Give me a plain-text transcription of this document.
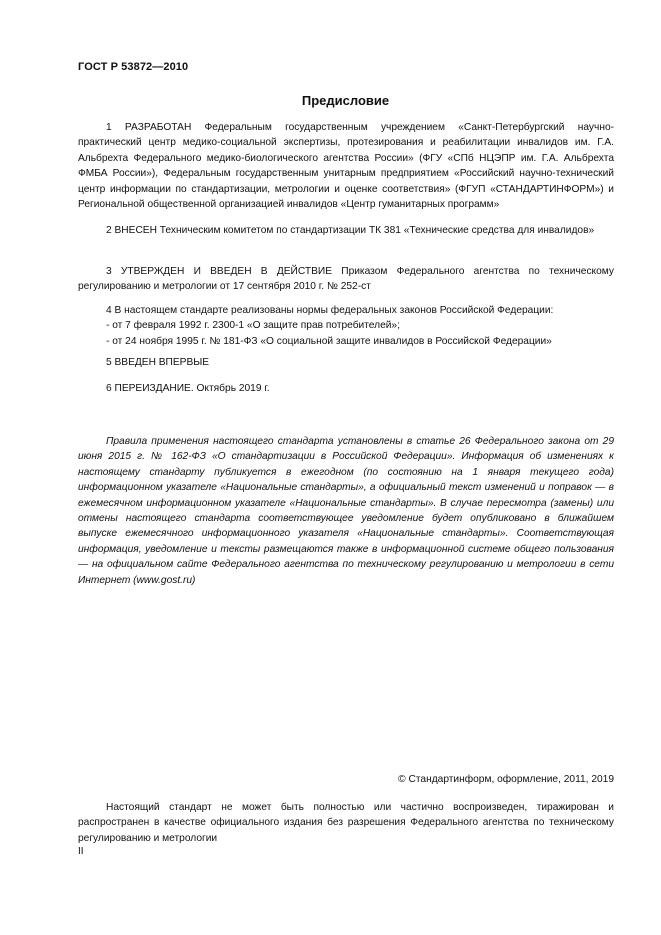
ГОСТ Р 53872—2010
Предисловие

1 РАЗРАБОТАН Федеральным государственным учреждением «Санкт-Петербургский научно-практический центр медико-социальной экспертизы, протезирования и реабилитации инвалидов им. Г.А. Альбрехта Федерального медико-биологического агентства России» (ФГУ «СПб НЦЭПР им. Г.А. Альбрехта ФМБА России»), Федеральным государственным унитарным предприятием «Российский научно-технический центр информации по стандартизации, метрологии и оценке соответствия» (ФГУП «СТАНДАРТИНФОРМ») и Региональной общественной организацией инвалидов «Центр гуманитарных программ»

2 ВНЕСЕН Техническим комитетом по стандартизации ТК 381 «Технические средства для инвалидов»

3 УТВЕРЖДЕН И ВВЕДЕН В ДЕЙСТВИЕ Приказом Федерального агентства по техническому регулированию и метрологии от 17 сентября 2010 г. № 252-ст

4 В настоящем стандарте реализованы нормы федеральных законов Российской Федерации:

- от 7 февраля 1992 г. 2300-1 «О защите прав потребителей»;

- от 24 ноября 1995 г. № 181-ФЗ «О социальной защите инвалидов в Российской Федерации»

5 ВВЕДЕН ВПЕРВЫЕ

6 ПЕРЕИЗДАНИЕ. Октябрь 2019 г.

Правила применения настоящего стандарта установлены в статье 26 Федерального закона от 29 июня 2015 г. № 162-ФЗ «О стандартизации в Российской Федерации». Информация об изменениях к настоящему стандарту публикуется в ежегодном (по состоянию на 1 января текущего года) информационном указателе «Национальные стандарты», а официальный текст изменений и поправок — в ежемесячном информационном указателе «Национальные стандарты». В случае пересмотра (замены) или отмены настоящего стандарта соответствующее уведомление будет опубликовано в ближайшем выпуске ежемесячного информационного указателя «Национальные стандарты». Соответствующая информация, уведомление и тексты размещаются также в информационной системе общего пользования — на официальном сайте Федерального агентства по техническому регулированию и метрологии в сети Интернет (www.gost.ru)

© Стандартинформ, оформление, 2011, 2019

Настоящий стандарт не может быть полностью или частично воспроизведен, тиражирован и распространен в качестве официального издания без разрешения Федерального агентства по техническому регулированию и метрологии

II
